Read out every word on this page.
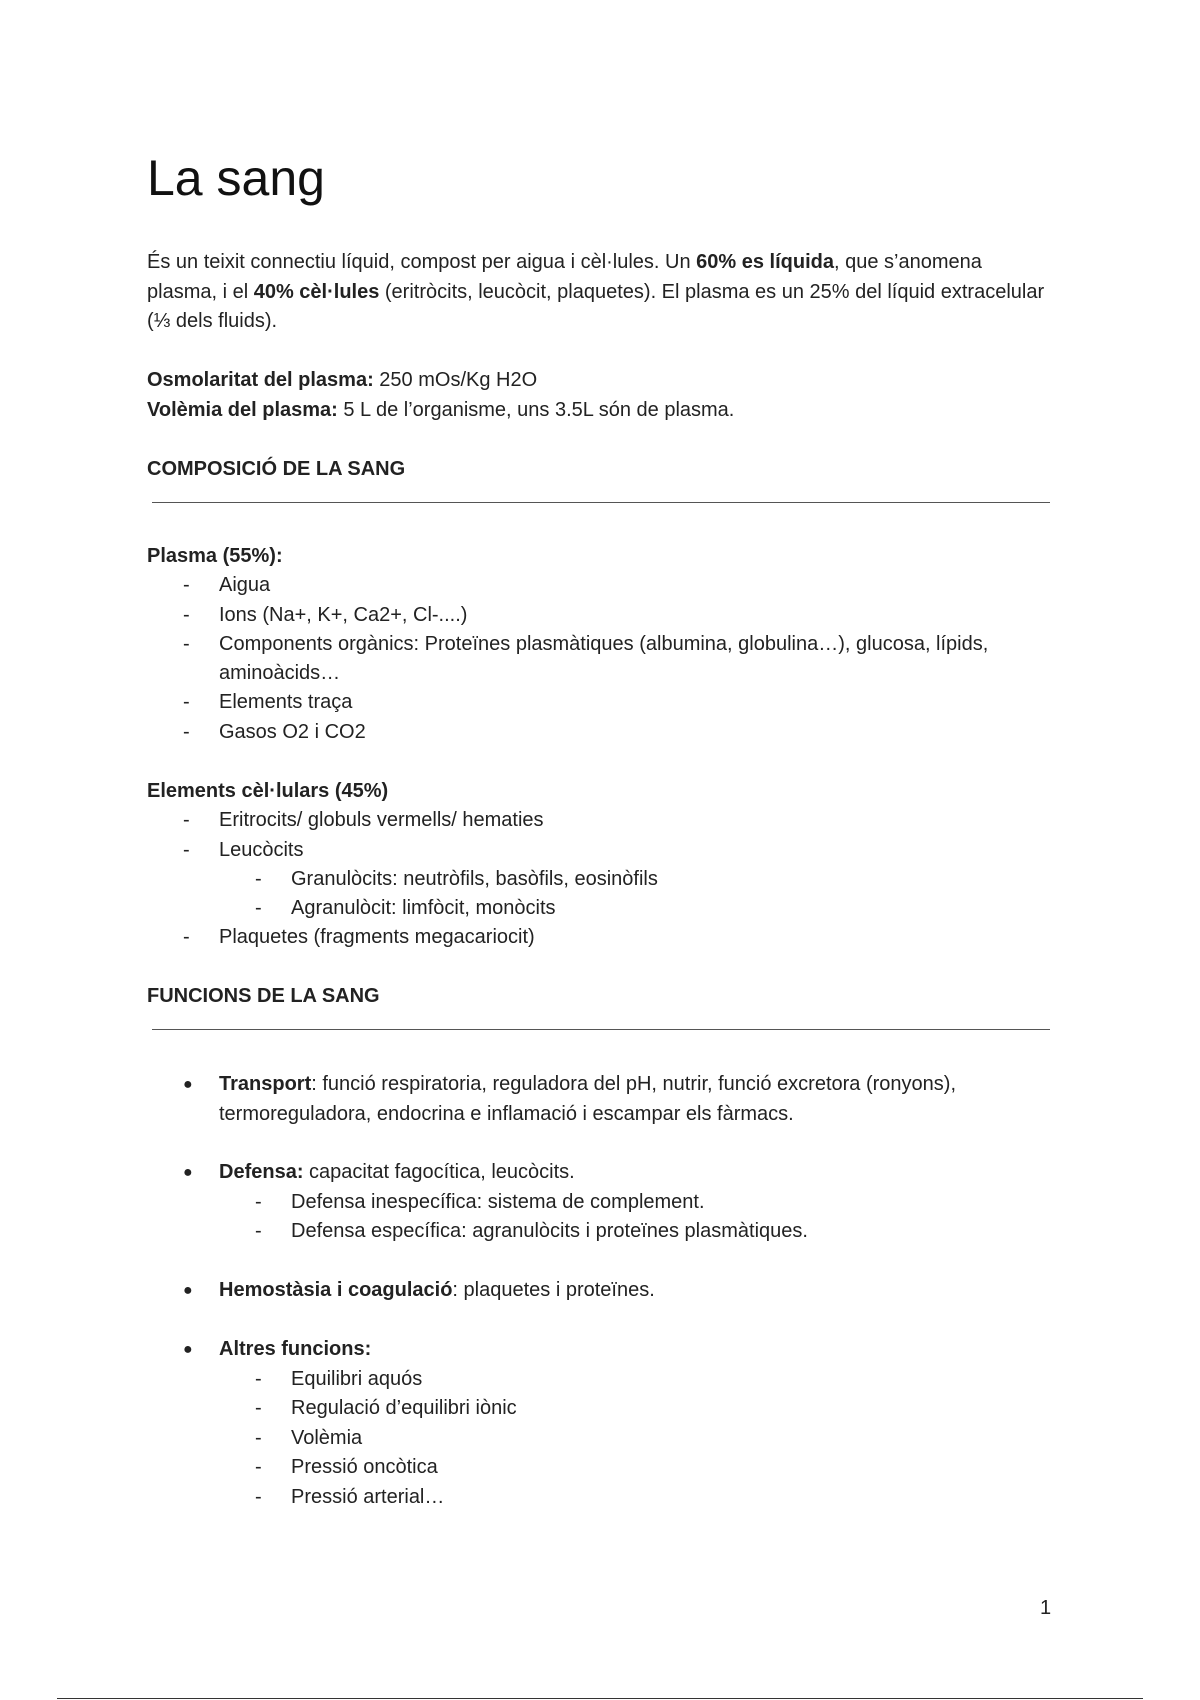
La sang

És un teixit connectiu líquid, compost per aigua i cèl·lules. Un 60% es líquida, que s’anomena plasma, i el 40% cèl·lules (eritròcits, leucòcit, plaquetes). El plasma es un 25% del líquid extracelular (⅓ dels fluids).

Osmolaritat del plasma: 250 mOs/Kg H2O
Volèmia del plasma: 5 L de l’organisme, uns 3.5L són de plasma.

COMPOSICIÓ DE LA SANG
Plasma (55%):
-	Aigua
-	Ions (Na+, K+, Ca2+, Cl-....)
-	Components orgànics: Proteïnes plasmàtiques (albumina, globulina…), glucosa, lípids, aminoàcids…
-	Elements traça
-	Gasos O2 i CO2
Elements cèl·lulars (45%)
-	Eritrocits/ globuls vermells/ hematies
-	Leucòcits
-	Granulòcits: neutròfils, basòfils, eosinòfils
-	Agranulòcit: limfòcit, monòcits
-	Plaquetes (fragments megacariocit)
FUNCIONS DE LA SANG
●	Transport: funció respiratoria, reguladora del pH, nutrir, funció excretora (ronyons), termoreguladora, endocrina e inflamació i escampar els fàrmacs.
●	Defensa: capacitat fagocítica, leucòcits.
-	Defensa inespecífica: sistema de complement.
-	Defensa específica: agranulòcits i proteïnes plasmàtiques.
●	Hemostàsia i coagulació: plaquetes i proteïnes.
●	Altres funcions:
-	Equilibri aquós
-	Regulació d’equilibri iònic
-	Volèmia
-	Pressió oncòtica
-	Pressió arterial…
1
